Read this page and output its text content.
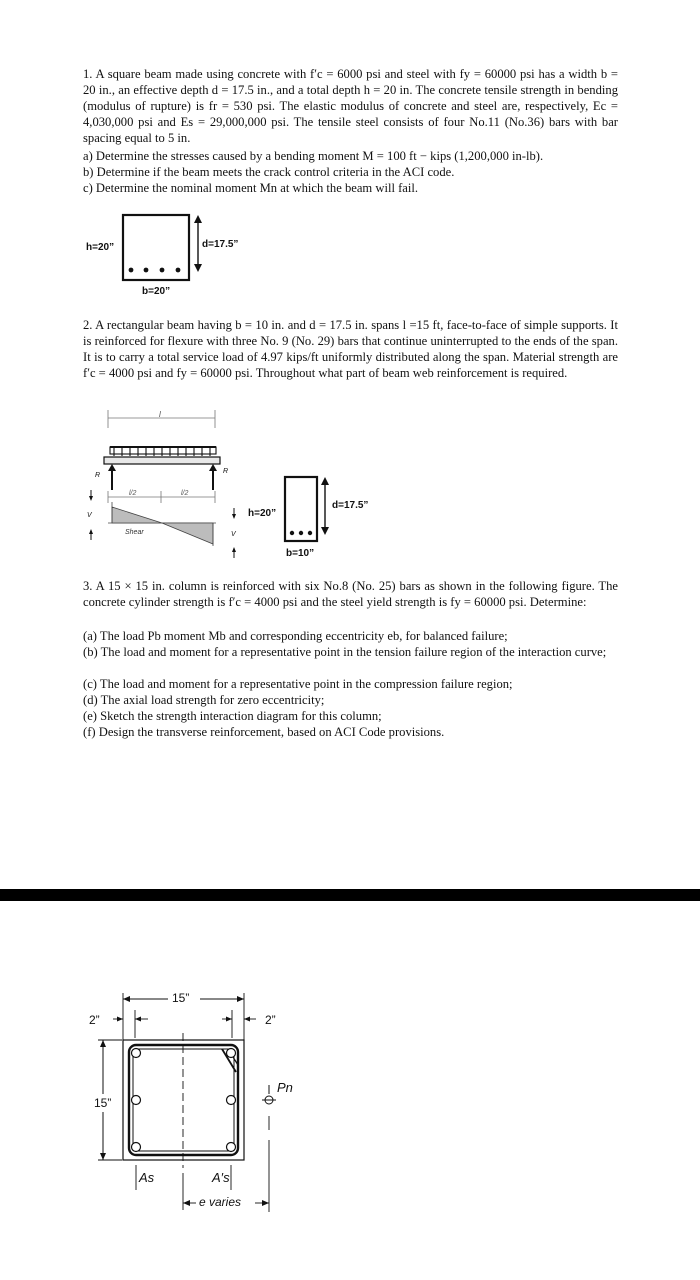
1. A square beam made using concrete with f′c = 6000 psi and steel with fy = 60000 psi has a width b = 20 in., an effective depth d = 17.5 in., and a total depth h = 20 in. The concrete tensile strength in bending (modulus of rupture) is fr = 530 psi. The elastic modulus of concrete and steel are, respectively, Ec = 4,030,000 psi and Es = 29,000,000 psi. The tensile steel consists of four No.11 (No.36) bars with bar spacing equal to 5 in.
a) Determine the stresses caused by a bending moment M = 100 ft − kips (1,200,000 in-lb).
b) Determine if the beam meets the crack control criteria in the ACI code.
c) Determine the nominal moment Mn at which the beam will fail.
h=20”	d=17.5”
b=20”
2. A rectangular beam having b = 10 in. and d = 17.5 in. spans l =15 ft, face-to-face of simple supports. It is reinforced for flexure with three No. 9 (No. 29) bars that continue uninterrupted to the ends of the span. It is to carry a total service load of 4.97 kips/ft uniformly distributed along the span. Material strength are f′c = 4000 psi and fy = 60000 psi. Throughout what part of beam web reinforcement is required.
l
l/2	l/2
R
R
V
V
Shear
h=20”
d=17.5”
b=10”
3. A 15 × 15 in. column is reinforced with six No.8 (No. 25) bars as shown in the following figure. The concrete cylinder strength is f′c = 4000 psi and the steel yield strength is fy = 60000 psi. Determine:
(a) The load Pb moment Mb and corresponding eccentricity eb, for balanced failure;
(b) The load and moment for a representative point in the tension failure region of the interaction curve;
(c) The load and moment for a representative point in the compression failure region;
(d) The axial load strength for zero eccentricity;
(e) Sketch the strength interaction diagram for this column;
(f) Design the transverse reinforcement, based on ACI Code provisions.
15”
2”	2”
15”
As	A′s
Pn
e varies
